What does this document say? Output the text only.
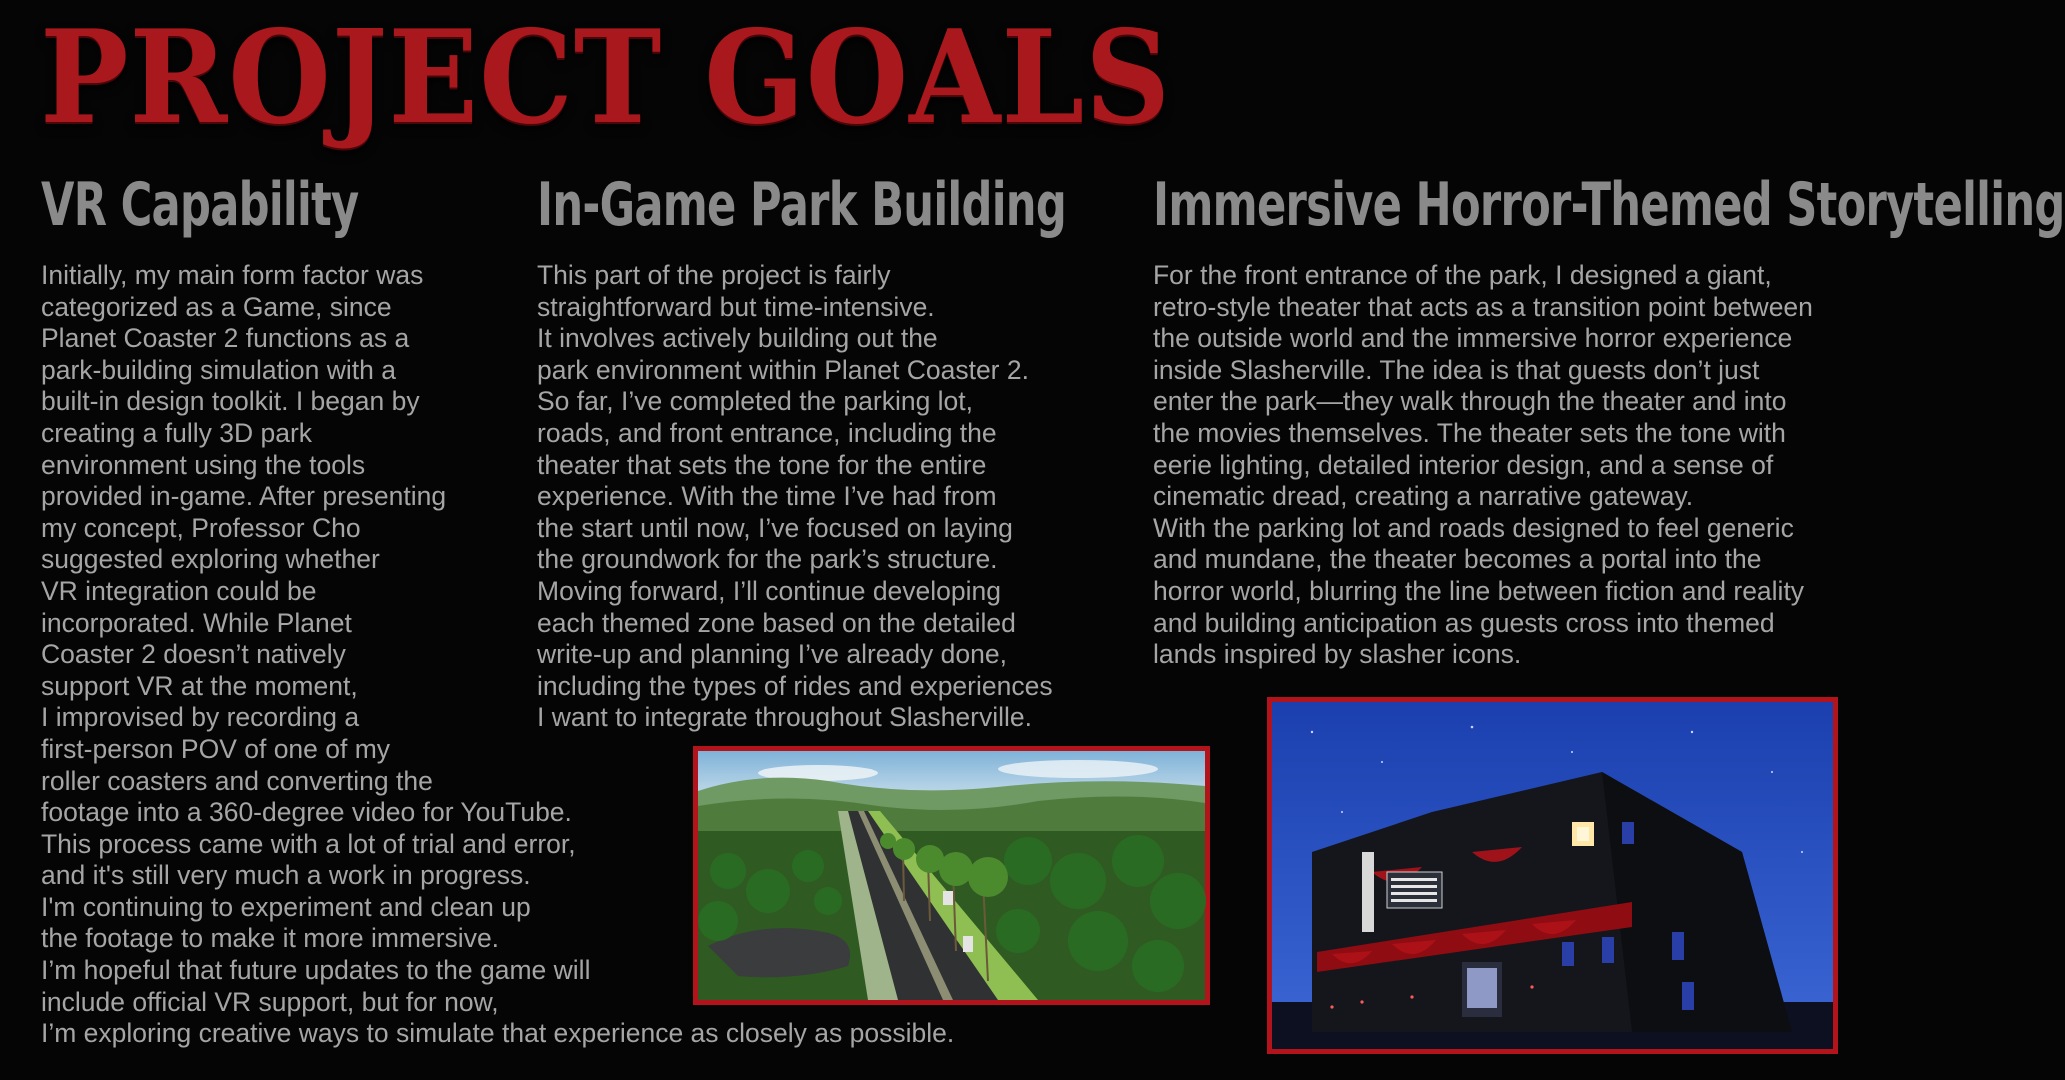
PROJECT GOALS
VR Capability

Initially, my main form factor was
categorized as a Game, since
Planet Coaster 2 functions as a
park-building simulation with a
built-in design toolkit. I began by
creating a fully 3D park
environment using the tools
provided in-game. After presenting
my concept, Professor Cho
suggested exploring whether
VR integration could be
incorporated. While Planet
Coaster 2 doesn’t natively
support VR at the moment,
I improvised by recording a
first-person POV of one of my
roller coasters and converting the
footage into a 360-degree video for YouTube.
This process came with a lot of trial and error,
and it's still very much a work in progress.
I'm continuing to experiment and clean up
the footage to make it more immersive.
I’m hopeful that future updates to the game will
include official VR support, but for now,
I’m exploring creative ways to simulate that experience as closely as possible.

In-Game Park Building

This part of the project is fairly
straightforward but time-intensive.
It involves actively building out the
park environment within Planet Coaster 2.
So far, I’ve completed the parking lot,
roads, and front entrance, including the
theater that sets the tone for the entire
experience. With the time I’ve had from
the start until now, I’ve focused on laying
the groundwork for the park’s structure.
Moving forward, I’ll continue developing
each themed zone based on the detailed
write-up and planning I’ve already done,
including the types of rides and experiences
I want to integrate throughout Slasherville.

Immersive Horror-Themed Storytelling

For the front entrance of the park, I designed a giant,
retro-style theater that acts as a transition point between
the outside world and the immersive horror experience
inside Slasherville. The idea is that guests don’t just
enter the park—they walk through the theater and into
the movies themselves. The theater sets the tone with
eerie lighting, detailed interior design, and a sense of
cinematic dread, creating a narrative gateway.
With the parking lot and roads designed to feel generic
and mundane, the theater becomes a portal into the
horror world, blurring the line between fiction and reality
and building anticipation as guests cross into themed
lands inspired by slasher icons.
